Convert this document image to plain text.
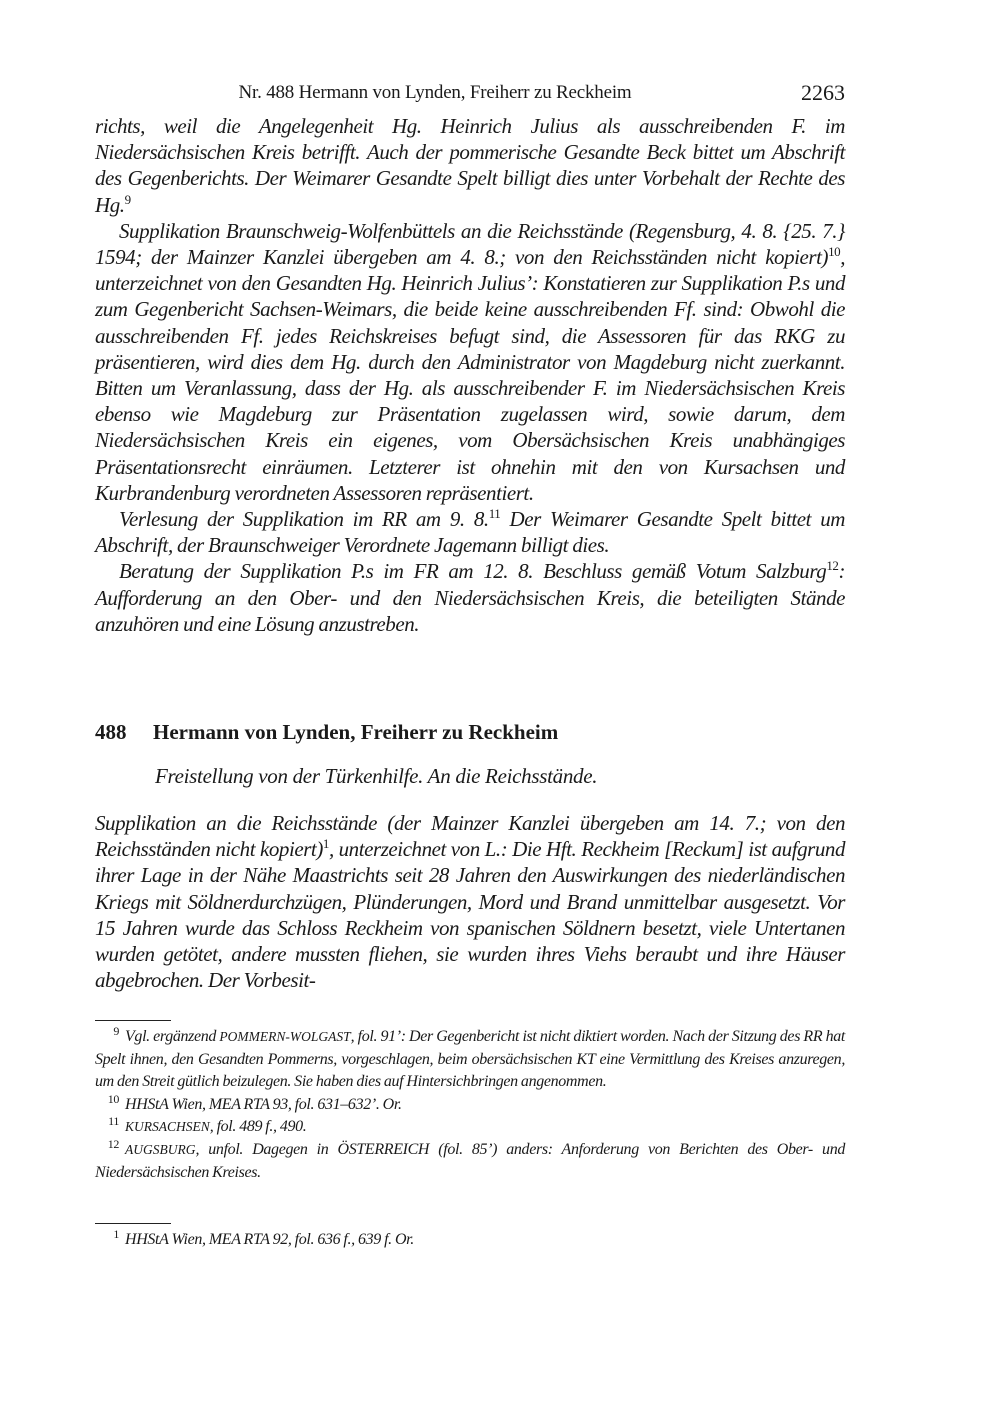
Nr. 488 Hermann von Lynden, Freiherr zu Reckheim	2263

richts, weil die Angelegenheit Hg. Heinrich Julius als ausschreibenden F. im Niedersächsischen Kreis betrifft. Auch der pommerische Gesandte Beck bittet um Abschrift des Gegenberichts. Der Weimarer Gesandte Spelt billigt dies unter Vorbehalt der Rechte des Hg.$^9$

Supplikation Braunschweig-Wolfenbüttels an die Reichsstände (Regensburg, 4. 8. {25. 7.} 1594; der Mainzer Kanzlei übergeben am 4. 8.; von den Reichsständen nicht kopiert)$^{10}$, unterzeichnet von den Gesandten Hg. Heinrich Julius’: Konstatieren zur Supplikation P.s und zum Gegenbericht Sachsen-Weimars, die beide keine ausschreibenden Ff. sind: Obwohl die ausschreibenden Ff. jedes Reichskreises befugt sind, die Assessoren für das RKG zu präsentieren, wird dies dem Hg. durch den Administrator von Magdeburg nicht zuerkannt. Bitten um Veranlassung, dass der Hg. als ausschreibender F. im Niedersächsischen Kreis ebenso wie Magdeburg zur Präsentation zugelassen wird, sowie darum, dem Niedersächsischen Kreis ein eigenes, vom Obersächsischen Kreis unabhängiges Präsentationsrecht einräumen. Letzterer ist ohnehin mit den von Kursachsen und Kurbrandenburg verordneten Assessoren repräsentiert.

Verlesung der Supplikation im RR am 9. 8.11 Der Weimarer Gesandte Spelt bittet um Abschrift, der Braunschweiger Verordnete Jagemann billigt dies.

Beratung der Supplikation P.s im FR am 12. 8. Beschluss gemäß Votum Salzburg$^{12}$: Aufforderung an den Ober- und den Niedersächsischen Kreis, die beteiligten Stände anzuhören und eine Lösung anzustreben.

488 Hermann von Lynden, Freiherr zu Reckheim
Freistellung von der Türkenhilfe. An die Reichsstände.

Supplikation an die Reichsstände (der Mainzer Kanzlei übergeben am 14. 7.; von den Reichsständen nicht kopiert)$^1$, unterzeichnet von L.: Die Hft. Reckheim [Reckum] ist aufgrund ihrer Lage in der Nähe Maastrichts seit 28 Jahren den Auswirkungen des niederländischen Kriegs mit Söldnerdurchzügen, Plünderungen, Mord und Brand unmittelbar ausgesetzt. Vor 15 Jahren wurde das Schloss Reckheim von spanischen Söldnern besetzt, viele Untertanen wurden getötet, andere mussten fliehen, sie wurden ihres Viehs beraubt und ihre Häuser abgebrochen. Der Vorbesit-

9 Vgl. ergänzend POMMERN-WOLGAST, fol. 91’: Der Gegenbericht ist nicht diktiert worden. Nach der Sitzung des RR hat Spelt ihnen, den Gesandten Pommerns, vorgeschlagen, beim obersächsischen KT eine Vermittlung des Kreises anzuregen, um den Streit gütlich beizulegen. Sie haben dies auf Hintersichbringen angenommen.

10 HHStA Wien, MEA RTA 93, fol. 631–632’. Or.

11 KURSACHSEN, fol. 489 f., 490.

12 AUGSBURG, unfol. Dagegen in ÖSTERREICH (fol. 85’) anders: Anforderung von Berichten des Ober- und Niedersächsischen Kreises.

1 HHStA Wien, MEA RTA 92, fol. 636 f., 639 f. Or.
